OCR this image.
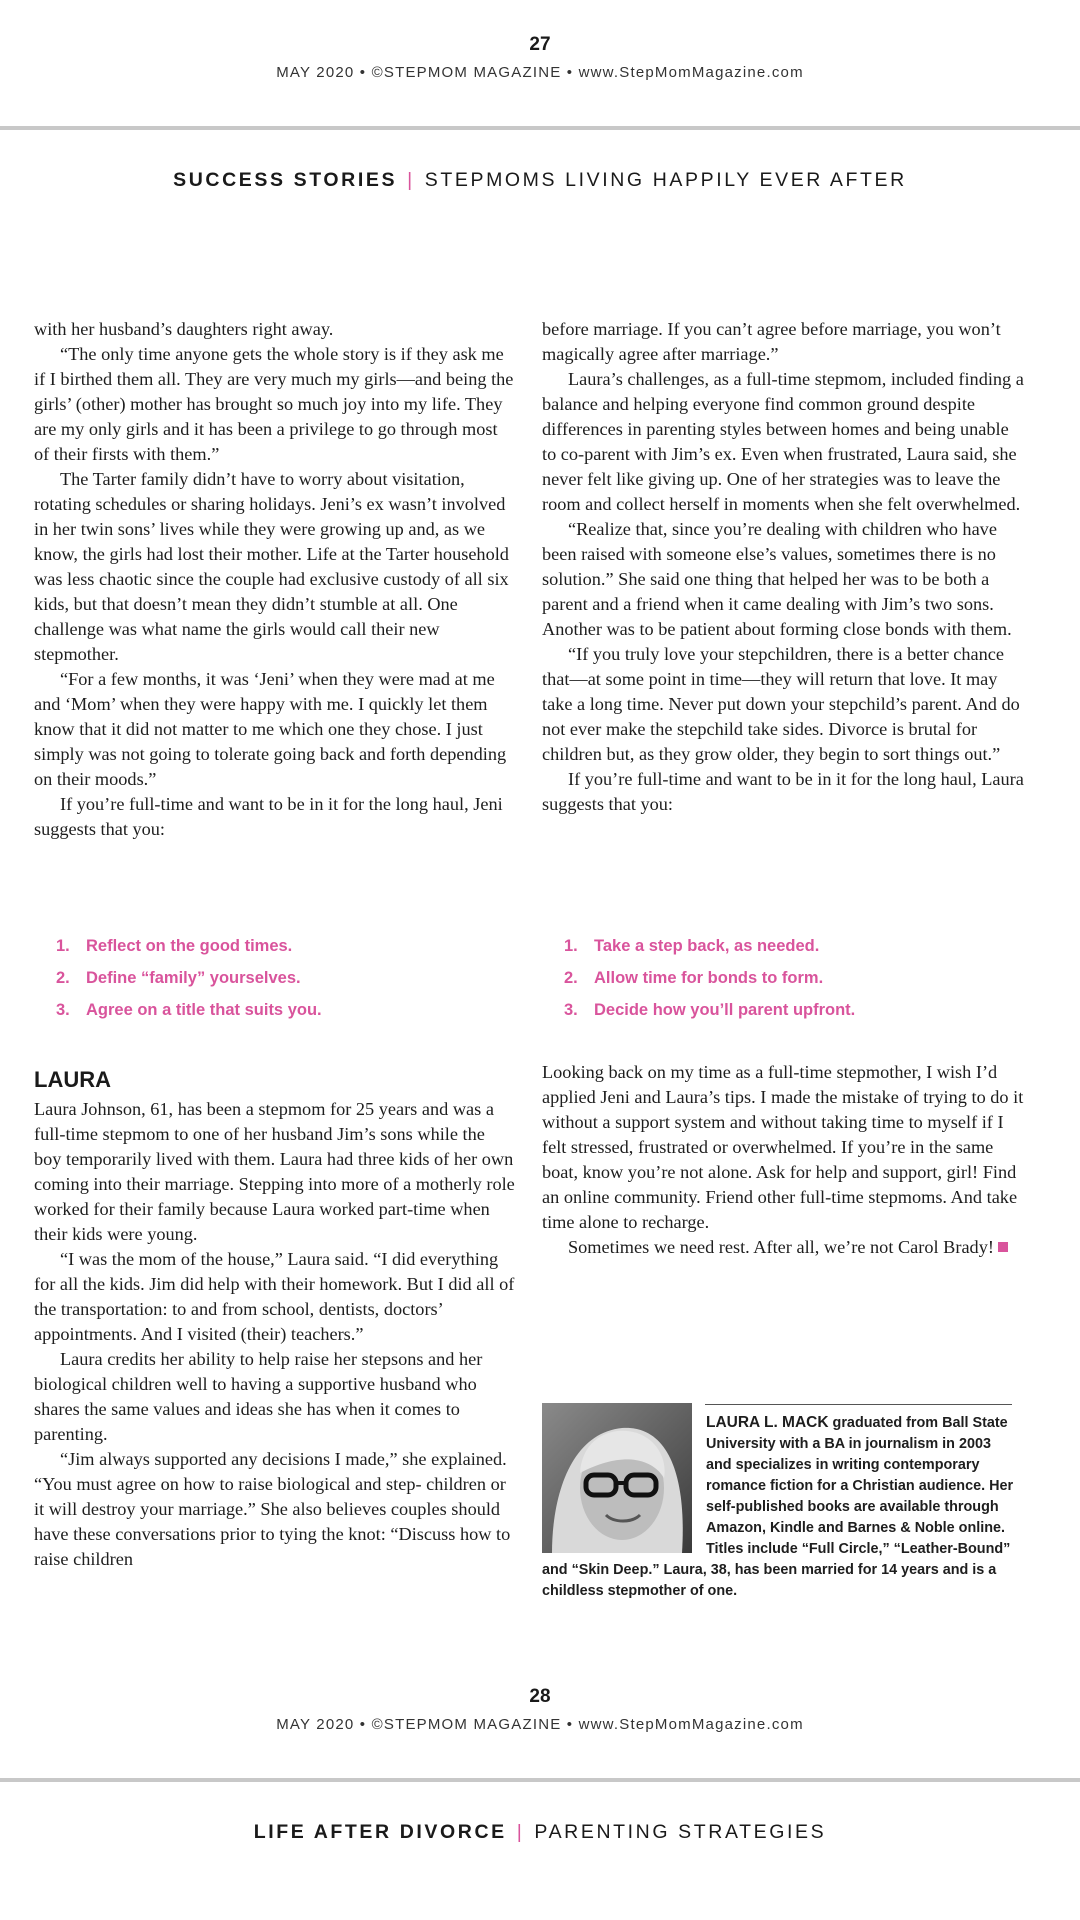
27
MAY 2020 • ©STEPMOM MAGAZINE • www.StepMomMagazine.com
SUCCESS STORIES | STEPMOMS LIVING HAPPILY EVER AFTER

with her husband’s daughters right away.

“The only time anyone gets the whole story is if they ask me if I birthed them all. They are very much my girls—and being the girls’ (other) mother has brought so much joy into my life. They are my only girls and it has been a privilege to go through most of their firsts with them.”

The Tarter family didn’t have to worry about visitation, rotating schedules or sharing holidays. Jeni’s ex wasn’t involved in her twin sons’ lives while they were growing up and, as we know, the girls had lost their mother. Life at the Tarter household was less chaotic since the couple had exclusive custody of all six kids, but that doesn’t mean they didn’t stumble at all. One challenge was what name the girls would call their new stepmother.

“For a few months, it was ‘Jeni’ when they were mad at me and ‘Mom’ when they were happy with me. I quickly let them know that it did not matter to me which one they chose. I just simply was not going to tolerate going back and forth depending on their moods.”

If you’re full-time and want to be in it for the long haul, Jeni suggests that you:

1. Reflect on the good times.
2. Define “family” yourselves.
3. Agree on a title that suits you.
LAURA

Laura Johnson, 61, has been a stepmom for 25 years and was a full-time stepmom to one of her husband Jim’s sons while the boy temporarily lived with them. Laura had three kids of her own coming into their marriage. Stepping into more of a motherly role worked for their family because Laura worked part-time when their kids were young.

“I was the mom of the house,” Laura said. “I did everything for all the kids. Jim did help with their homework. But I did all of the transportation: to and from school, dentists, doctors’ appointments. And I visited (their) teachers.”

Laura credits her ability to help raise her stepsons and her biological children well to having a supportive husband who shares the same values and ideas she has when it comes to parenting.

“Jim always supported any decisions I made,” she explained. “You must agree on how to raise biological and step- children or it will destroy your marriage.” She also believes couples should have these conversations prior to tying the knot: “Discuss how to raise children

before marriage. If you can’t agree before marriage, you won’t magically agree after marriage.”

Laura’s challenges, as a full-time stepmom, included finding a balance and helping everyone find common ground despite differences in parenting styles between homes and being unable to co-parent with Jim’s ex. Even when frustrated, Laura said, she never felt like giving up. One of her strategies was to leave the room and collect herself in moments when she felt overwhelmed.

“Realize that, since you’re dealing with children who have been raised with someone else’s values, sometimes there is no solution.” She said one thing that helped her was to be both a parent and a friend when it came dealing with Jim’s two sons. Another was to be patient about forming close bonds with them.

“If you truly love your stepchildren, there is a better chance that—at some point in time—they will return that love. It may take a long time. Never put down your stepchild’s parent. And do not ever make the stepchild take sides. Divorce is brutal for children but, as they grow older, they begin to sort things out.”

If you’re full-time and want to be in it for the long haul, Laura suggests that you:

1. Take a step back, as needed.
2. Allow time for bonds to form.
3. Decide how you’ll parent upfront.

Looking back on my time as a full-time stepmother, I wish I’d applied Jeni and Laura’s tips. I made the mistake of trying to do it without a support system and without taking time to myself if I felt stressed, frustrated or overwhelmed. If you’re in the same boat, know you’re not alone. Ask for help and support, girl! Find an online community. Friend other full-time stepmoms. And take time alone to recharge.

Sometimes we need rest. After all, we’re not Carol Brady!

LAURA L. MACK graduated from Ball State University with a BA in journalism in 2003 and specializes in writing contemporary romance fiction for a Christian audience. Her self-published books are available through Amazon, Kindle and Barnes & Noble online. Titles include “Full Circle,” “Leather-Bound” and “Skin Deep.” Laura, 38, has been married for 14 years and is a childless stepmother of one.
28
MAY 2020 • ©STEPMOM MAGAZINE • www.StepMomMagazine.com
LIFE AFTER DIVORCE | PARENTING STRATEGIES
